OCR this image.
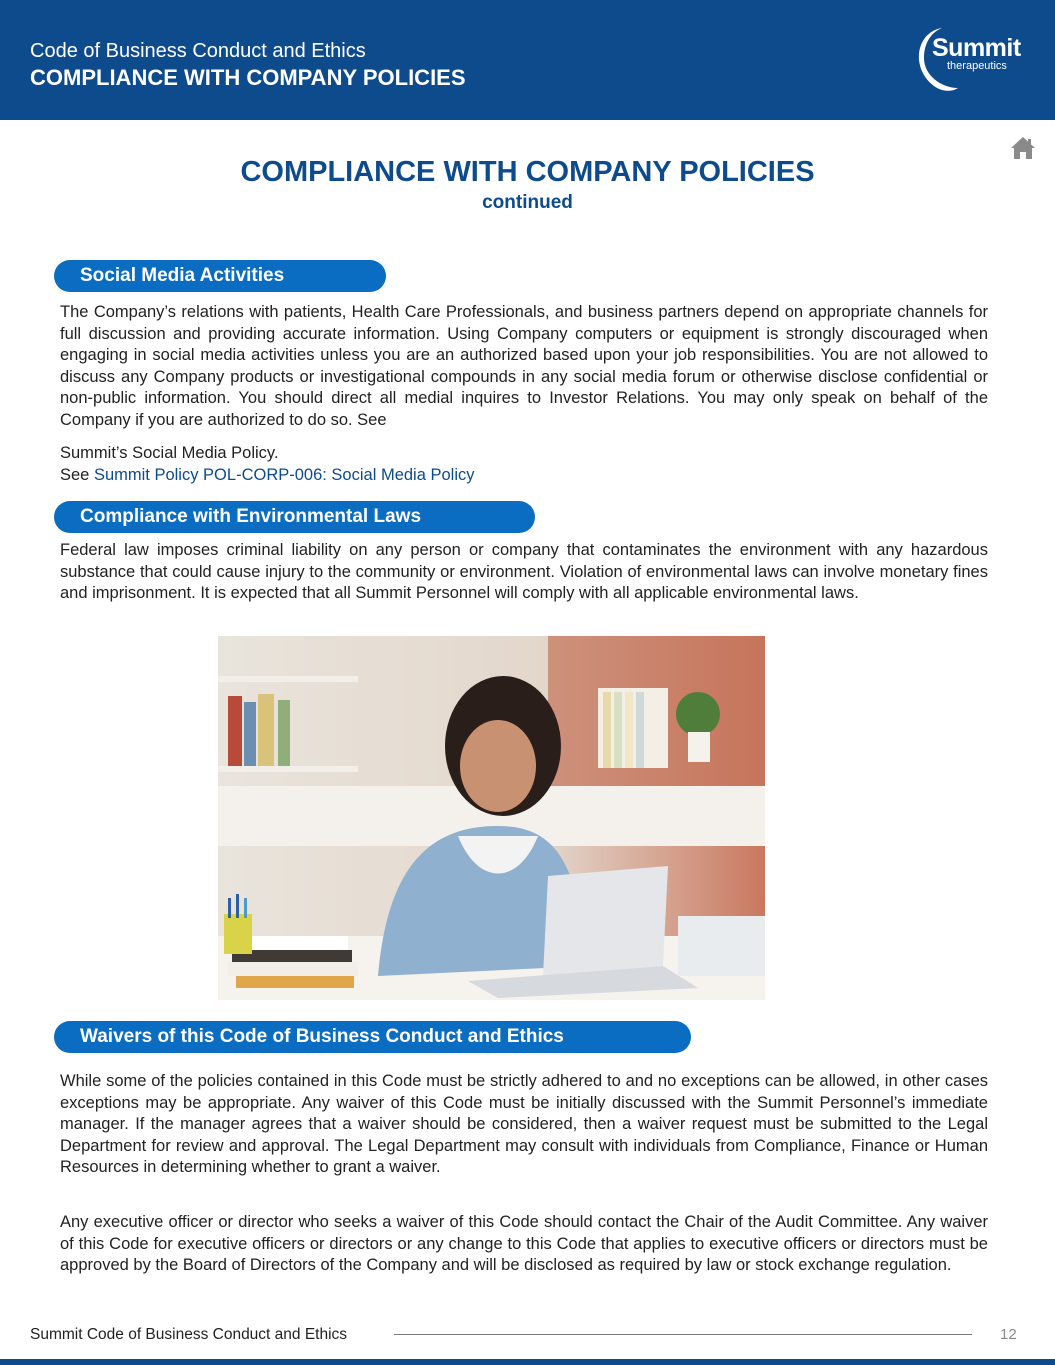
Code of Business Conduct and Ethics
COMPLIANCE WITH COMPANY POLICIES
Summit
therapeutics
COMPLIANCE WITH COMPANY POLICIES
continued
Social Media Activities

The Company’s relations with patients, Health Care Professionals, and business partners depend on appropriate channels for full discussion and providing accurate information. Using Company computers or equipment is strongly discouraged when engaging in social media activities unless you are an authorized based upon your job responsibilities. You are not allowed to discuss any Company products or investigational compounds in any social media forum or otherwise disclose confidential or non-public information. You should direct all medial inquires to Investor Relations. You may only speak on behalf of the Company if you are authorized to do so. See

Summit’s Social Media Policy.
See Summit Policy POL-CORP-006: Social Media Policy
Compliance with Environmental Laws

Federal law imposes criminal liability on any person or company that contaminates the environment with any hazardous substance that could cause injury to the community or environment. Violation of environmental laws can involve monetary fines and imprisonment. It is expected that all Summit Personnel will comply with all applicable environmental laws.

Waivers of this Code of Business Conduct and Ethics

While some of the policies contained in this Code must be strictly adhered to and no exceptions can be allowed, in other cases exceptions may be appropriate. Any waiver of this Code must be initially discussed with the Summit Personnel’s immediate manager. If the manager agrees that a waiver should be considered, then a waiver request must be submitted to the Legal Department for review and approval. The Legal Department may consult with individuals from Compliance, Finance or Human Resources in determining whether to grant a waiver.

Any executive officer or director who seeks a waiver of this Code should contact the Chair of the Audit Committee. Any waiver of this Code for executive officers or directors or any change to this Code that applies to executive officers or directors must be approved by the Board of Directors of the Company and will be disclosed as required by law or stock exchange regulation.

Summit Code of Business Conduct and Ethics	12
